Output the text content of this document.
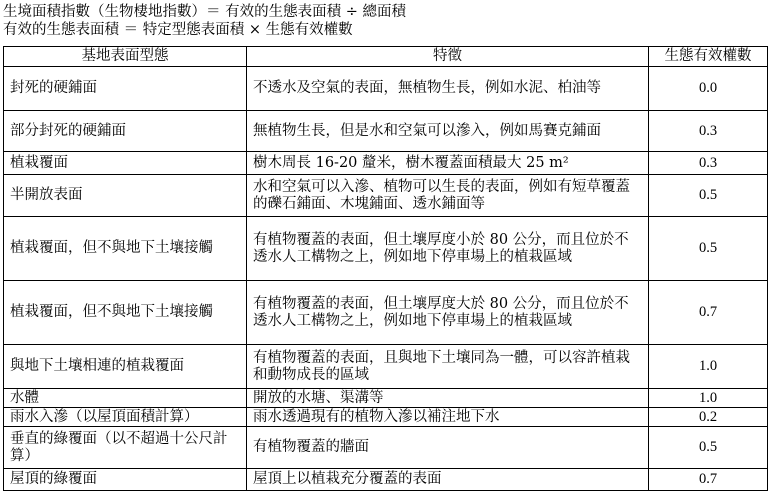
生境面積指數（生物棲地指數）＝ 有效的生態表面積 ÷ 總面積
有效的生態表面積 ＝ 特定型態表面積 × 生態有效權數
基地表面型態	特徵	生態有效權數
封死的硬鋪面	不透水及空氣的表面，無植物生長，例如水泥、柏油等	0.0
部分封死的硬鋪面	無植物生長，但是水和空氣可以滲入，例如馬賽克鋪面	0.3
植栽覆面	樹木周長 16-20 釐米，樹木覆蓋面積最大 25 m²	0.3
半開放表面	水和空氣可以入滲、植物可以生長的表面，例如有短草覆蓋的礫石鋪面、木塊鋪面、透水鋪面等	0.5
植栽覆面，但不與地下土壤接觸	有植物覆蓋的表面，但土壤厚度小於 80 公分，而且位於不透水人工構物之上，例如地下停車場上的植栽區域	0.5
植栽覆面，但不與地下土壤接觸	有植物覆蓋的表面，但土壤厚度大於 80 公分，而且位於不透水人工構物之上，例如地下停車場上的植栽區域	0.7
與地下土壤相連的植栽覆面	有植物覆蓋的表面，且與地下土壤同為一體，可以容許植栽和動物成長的區域	1.0
水體	開放的水塘、渠溝等	1.0
雨水入滲（以屋頂面積計算）	雨水透過現有的植物入滲以補注地下水	0.2
垂直的綠覆面（以不超過十公尺計算）	有植物覆蓋的牆面	0.5
屋頂的綠覆面	屋頂上以植栽充分覆蓋的表面	0.7
